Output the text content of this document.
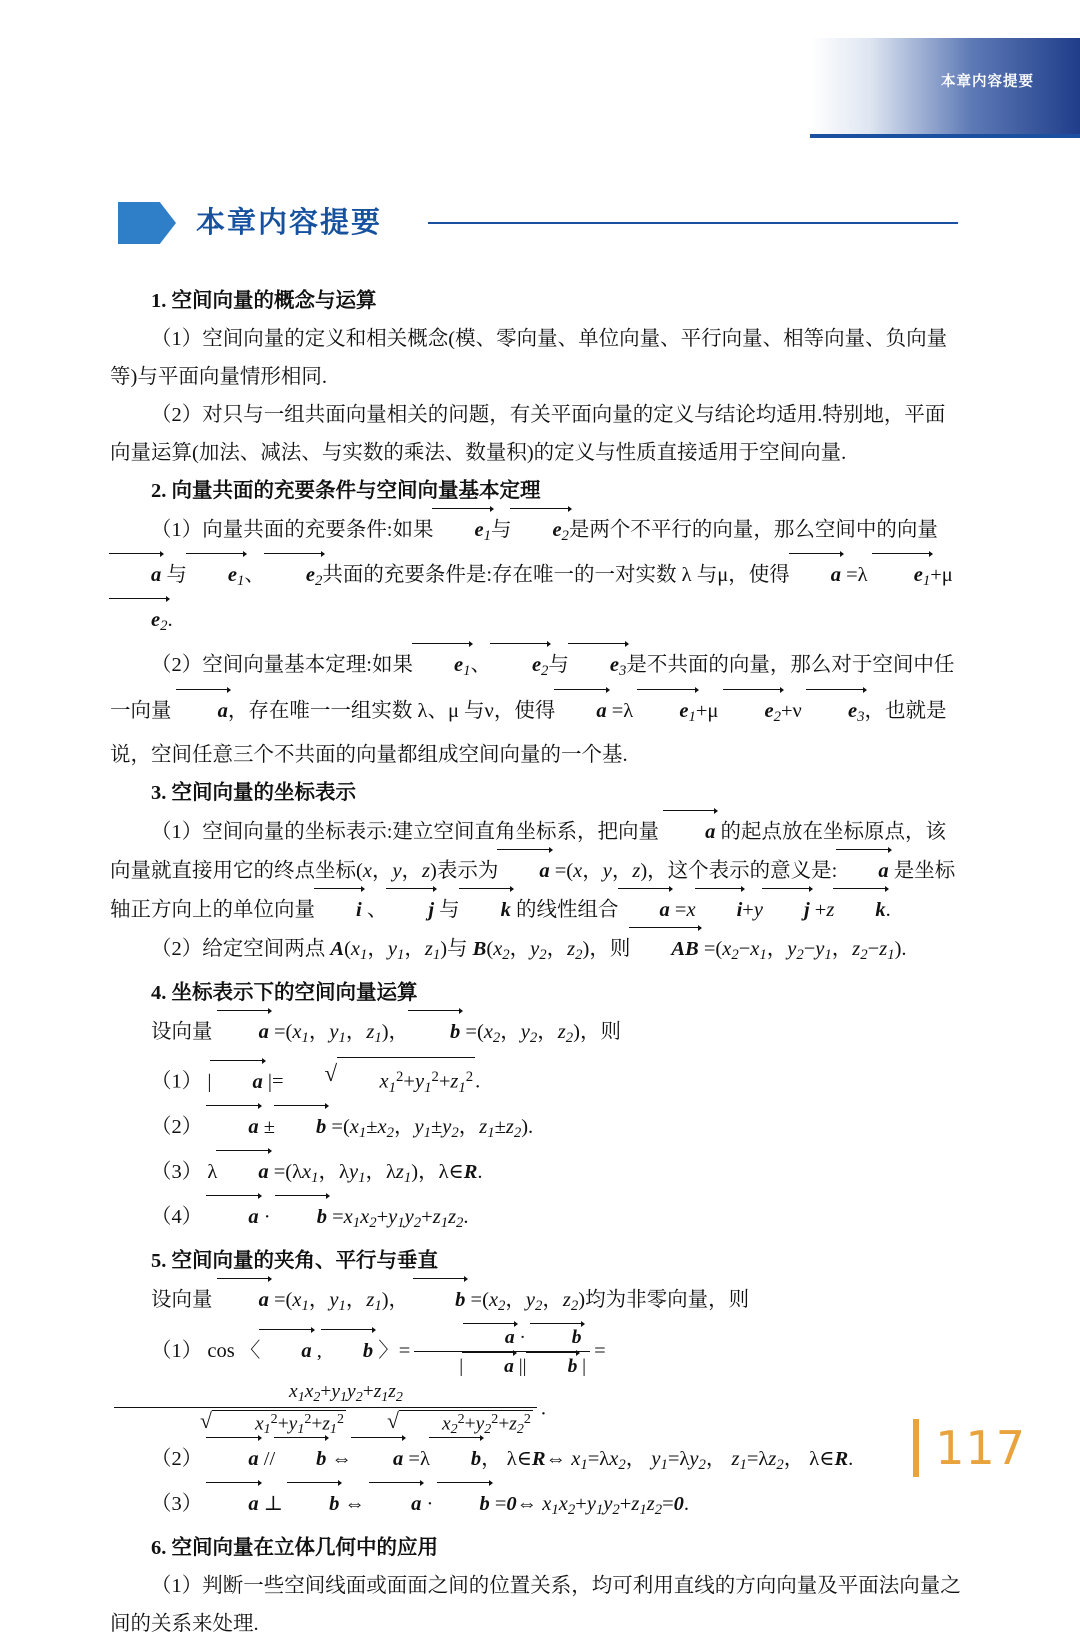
本章内容提要
本章内容提要

1. 空间向量的概念与运算

（1）空间向量的定义和相关概念(模、零向量、单位向量、平行向量、相等向量、负向量等)与平面向量情形相同.

（2）对只与一组共面向量相关的问题，有关平面向量的定义与结论均适用.特别地，平面向量运算(加法、减法、与实数的乘法、数量积)的定义与性质直接适用于空间向量.

2. 向量共面的充要条件与空间向量基本定理

（1）向量共面的充要条件:如果 $e_1$与 $e_2$是两个不平行的向量，那么空间中的向量 a 与 $e_1$、 $e_2$共面的充要条件是:存在唯一的一对实数 λ 与μ，使得 a =λ $e_1+\mu$ $e_2$.

（2）空间向量基本定理:如果 $e_1$、 $e_2$与 $e_3$是不共面的向量，那么对于空间中任一向量 a，存在唯一一组实数 λ、μ 与ν，使得 a =λ $e_1+\mu$ $e_2+\nu$ $e_3$，也就是说，空间任意三个不共面的向量都组成空间向量的一个基.

3. 空间向量的坐标表示

（1）空间向量的坐标表示:建立空间直角坐标系，把向量 a 的起点放在坐标原点，该向量就直接用它的终点坐标(x，y，z)表示为 a =(x，y，z)，这个表示的意义是: a 是坐标轴正方向上的单位向量 i 、 j 与 k 的线性组合 a =x i+y j +z k.

（2）给定空间两点 $A(x_1$，$y_1$，$z_1$)与 $B(x_2$，$y_2$，$z_2$)，则 AB $=(x_2-x_1$，$y_2-y_1$，$z_2-z_1$).

4. 坐标表示下的空间向量运算

设向量 $a =(x_1$，$y_1$，$z_1$)， $b =(x_2$，$y_2$，$z_2$)，则

（1） | a |=	√ $x_1^2+y_1^2+z_1^2$.

（2） $a \pm b =(x_1\pm x_2$，$y_1\pm y_2$，$z_1\pm z_2$).

（3） λ $a =(\lambda x_1$，$\lambda y_1$，$\lambda z_1$)，λ∈R.

（4） $a \cdot b =x_1x_2+y_1y_2+z_1z_2$.

5. 空间向量的夹角、平行与垂直

设向量 $a =(x_1$，$y_1$，$z_1$)， $b =(x_2$，$y_2$，$z_2$)均为非零向量，则

（1） cos 〈 a , b 〉= $\frac{a \cdot b}{| a || b |}$ =
$x_1x_2+y_1y_2+z_1z_2$
√ $x_1^2+y_1^2+z_1^2$	√ $x_2^2+y_2^2+z_2^2$ .

（2） a // b ⇔ a =λ b， λ∈R⇔ $x_1=\lambda x_2$， $y_1=\lambda y_2$， $z_1=\lambda z_2$， λ∈R.

（3） a ⊥ b ⇔ a · b =0⇔ $x_1x_2+y_1y_2+z_1z_2=0$.

6. 空间向量在立体几何中的应用

（1）判断一些空间线面或面面之间的位置关系，均可利用直线的方向向量及平面法向量之间的关系来处理.

117
